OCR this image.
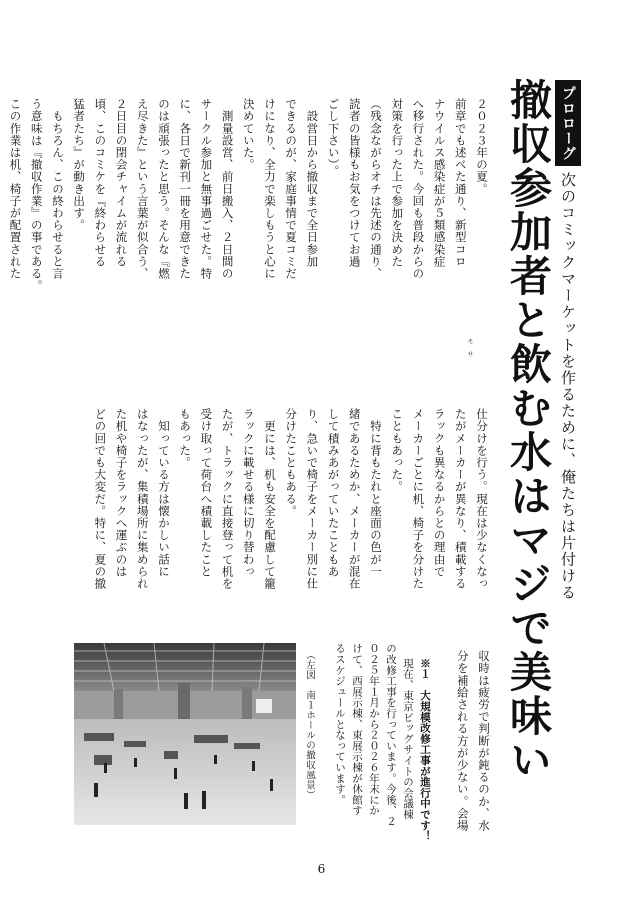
プロローグ
次のコミックマーケットを作るために、俺たちは片付ける
撤収参加者と飲む水はマジで美味い
２０２３年の夏。
前章でも述べた通り、新型コロ
ナウイルス感染症が５類感染症
へ移行された。今回も普段からの
対策を行った上で参加を決めた
（残念ながらオチは先述の通り、
読者の皆様もお気をつけてお過
ごし下さい）。
　設営日から撤収まで全日参加
できるのが、家庭事情で夏コミだ
けになり、全力で楽しもうと心に
決めていた。
　測量設営、前日搬入、２日間の
サークル参加と無事過ごせた。特
に、各日で新刊一冊を用意できた
のは頑張ったと思う。そんな『燃
え尽きた』という言葉が似合う、
２日目の閉会チャイムが流れる
頃、このコミケを『終わらせる
猛者たち』が動き出す。
　もちろん、この終わらせると言
う意味は『撤収作業』の事である。
この作業は机、椅子が配置された

モ　サ
仕分けを行う。現在は少なくなっ
たがメーカーが異なり、積載する
ラックも異なるからとの理由で
メーカーごとに机、椅子を分けた
こともあった。
　特に背もたれと座面の色が一
緒であるためか、メーカーが混在
して積みあがっていたこともあ
り、急いで椅子をメーカー別に仕
分けたこともある。
　更には、机も安全を配慮して籠
ラックに載せる様に切り替わっ
たが、トラックに直接登って机を
受け取って荷台へ積載したこと
もあった。
　知っている方は懐かしい話に
はなったが、集積場所に集められ
た机や椅子をラックへ運ぶのは
どの回でも大変だ。特に、夏の撤
収時は疲労で判断が鈍るのか、水
分を補給される方が少ない。会場
（左図　南１ホールの撤収風景）	※１　大規模改修工事が進行中です！
現在、東京ビッグサイトの会議棟
の改修工事を行っています。今後、２
０２５年１月から２０２６年末にか
けて、西展示棟、東展示棟が休館す
るスケジュールとなっています。

6
